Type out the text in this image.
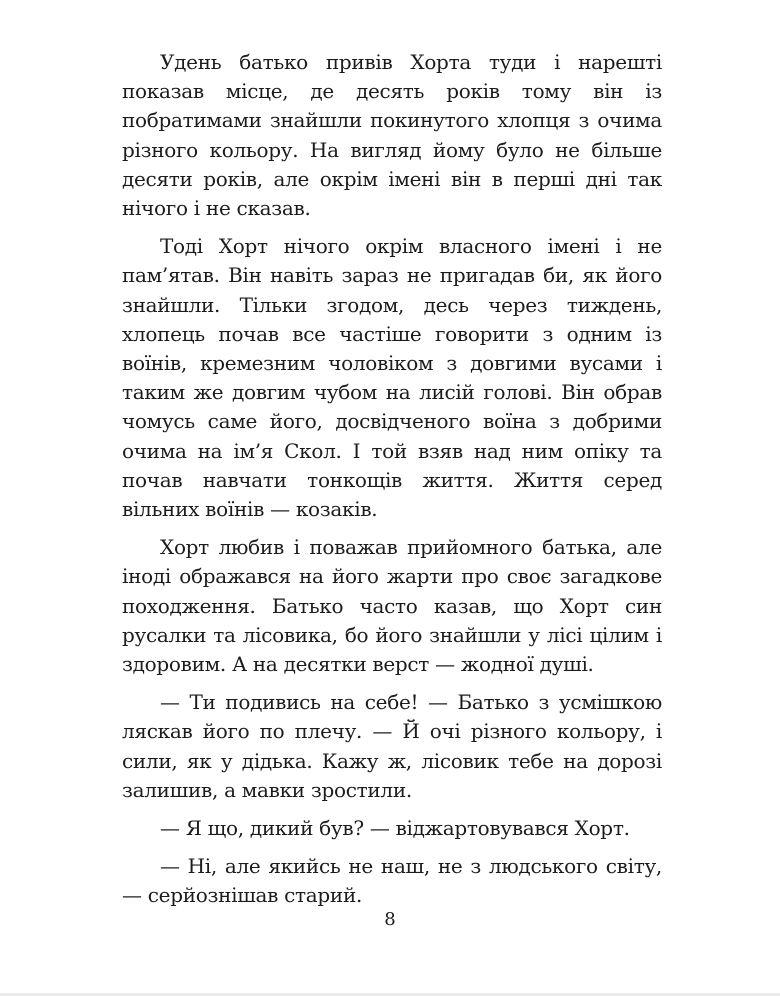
Удень батько привів Хорта туди і нарешті показав місце, де десять років тому він із побратимами знайшли покинутого хлопця з очима різного кольору. На вигляд йому було не більше десяти років, але окрім імені він в перші дні так нічого і не сказав.

Тоді Хорт нічого окрім власного імені і не пам’ятав. Він навіть зараз не пригадав би, як його знайшли. Тільки згодом, десь через тиждень, хлопець почав все частіше говорити з одним із воїнів, кремезним чоловіком з довгими вусами і таким же довгим чубом на лисій голові. Він обрав чомусь саме його, досвідченого воїна з добрими очима на ім’я Скол. І той взяв над ним опіку та почав навчати тонкощів життя. Життя серед вільних воїнів — козаків.

Хорт любив і поважав прийомного батька, але іноді ображався на його жарти про своє загадкове походження. Батько часто казав, що Хорт син русалки та лісовика, бо його знайшли у лісі цілим і здоровим. А на десятки верст — жодної душі.

— Ти подивись на себе! — Батько з усмішкою ляскав його по плечу. — Й очі різного кольору, і сили, як у дідька. Кажу ж, лісовик тебе на дорозі залишив, а мавки зростили.

— Я що, дикий був? — віджартовувався Хорт.

— Ні, але якийсь не наш, не з людського світу, — серйознішав старий.

8
